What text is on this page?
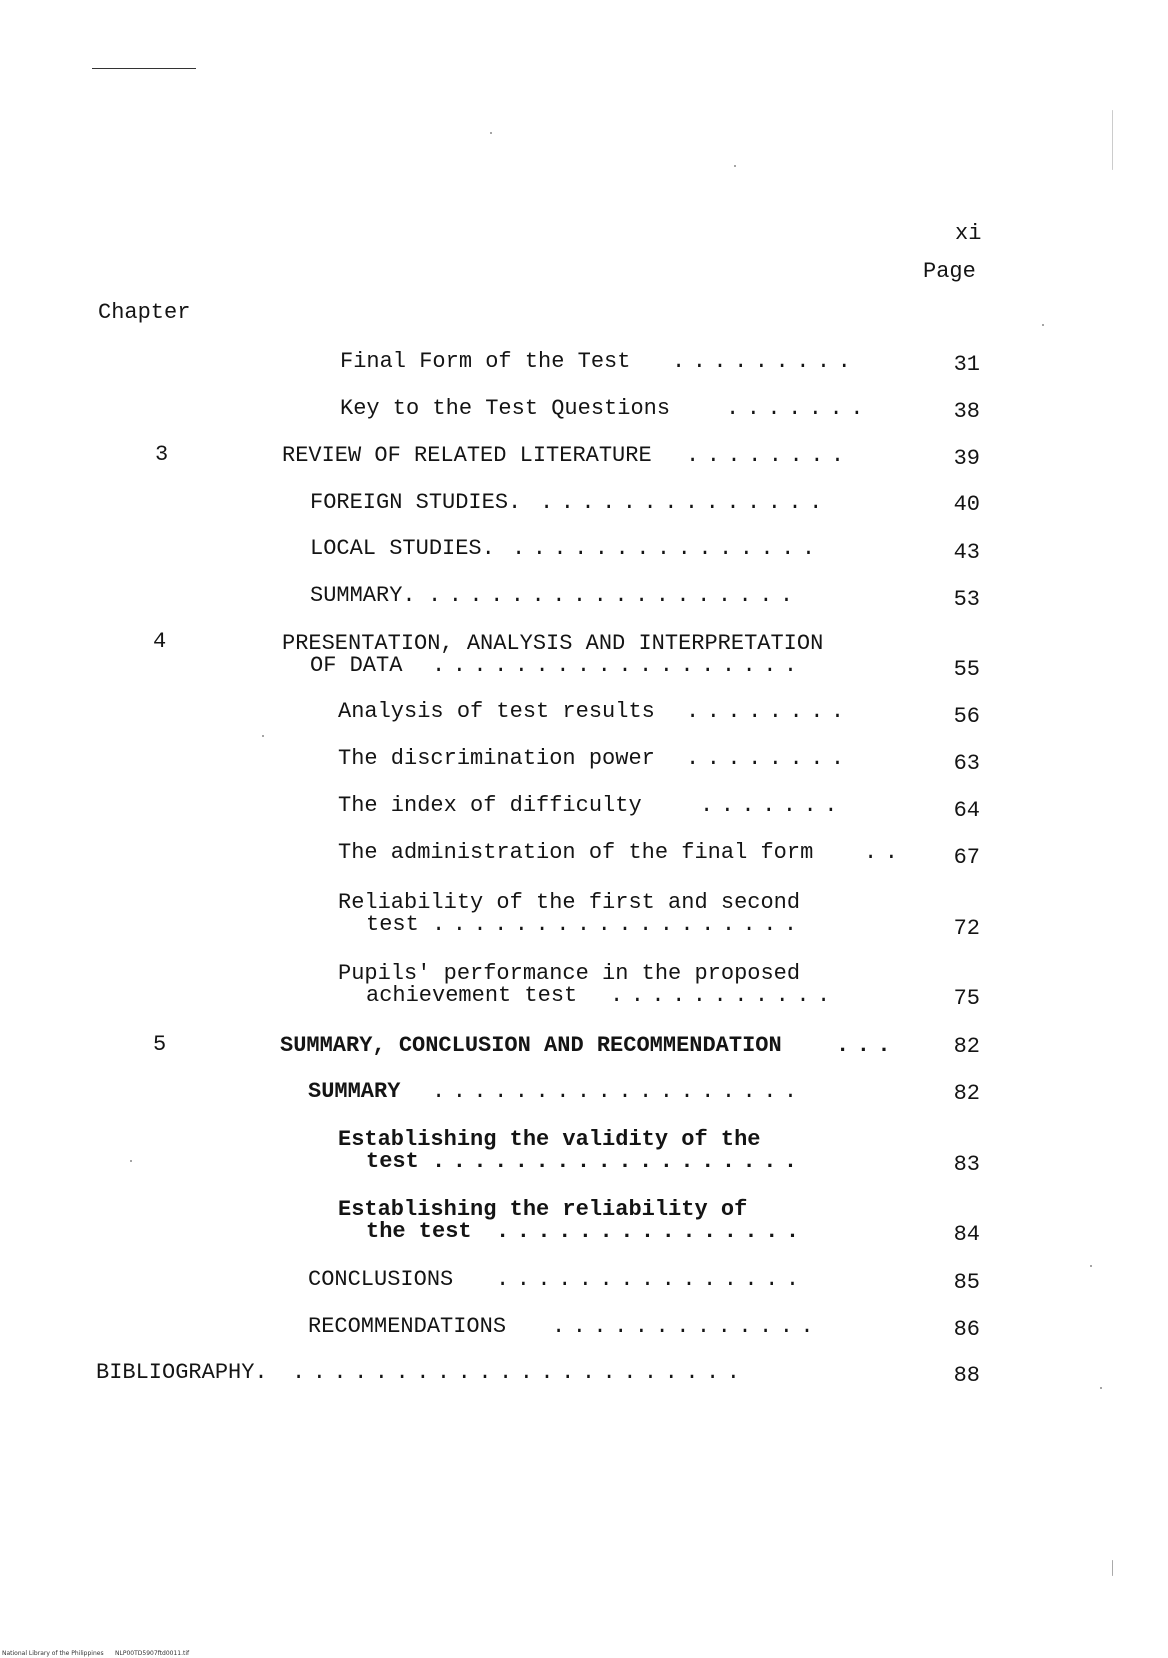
xi
Page
Chapter
Final Form of the Test .........	31
Key to the Test Questions	.......	38
3	REVIEW OF RELATED LITERATURE ........	39
FOREIGN STUDIES. ..............	40
LOCAL STUDIES. ...............	43
SUMMARY. ..................	53
4	PRESENTATION, ANALYSIS AND INTERPRETATION
OF DATA ..................	55
Analysis of test results ........	56
The discrimination power ........	63
The index of difficulty	.......	64
The administration of the final form ..	67
Reliability of the first and second
test ..................	72
Pupils' performance in the proposed
achievement test ...........	75
5	SUMMARY, CONCLUSION AND RECOMMENDATION ...	82
SUMMARY ..................	82
Establishing the validity of the
test ..................	83
Establishing the reliability of
the test ...............	84
CONCLUSIONS ...............	85
RECOMMENDATIONS .............	86
BIBLIOGRAPHY. ......................	88
National Library of the Philippines NLP00TD5907ftd0011.tif
